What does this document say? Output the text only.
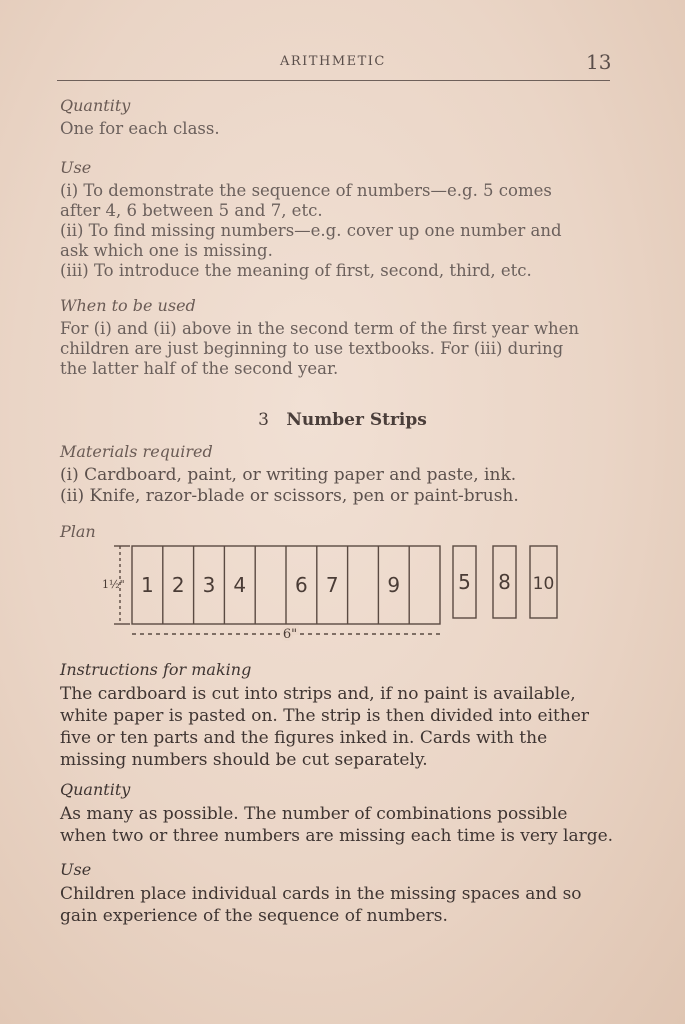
ARITHMETIC	13
Quantity
One for each class.
Use
(i) To demonstrate the sequence of numbers—e.g. 5 comes
after 4, 6 between 5 and 7, etc.
(ii) To find missing numbers—e.g. cover up one number and
ask which one is missing.
(iii) To introduce the meaning of first, second, third, etc.
When to be used
For (i) and (ii) above in the second term of the first year when
children are just beginning to use textbooks. For (iii) during
the latter half of the second year.
3 Number Strips
Materials required
(i) Cardboard, paint, or writing paper and paste, ink.
(ii) Knife, razor-blade or scissors, pen or paint-brush.
Plan
1 2 3 4 6 7 9	5 8 10
1½"
6"
Instructions for making
The cardboard is cut into strips and, if no paint is available,
white paper is pasted on. The strip is then divided into either
five or ten parts and the figures inked in. Cards with the
missing numbers should be cut separately.
Quantity
As many as possible. The number of combinations possible
when two or three numbers are missing each time is very large.
Use
Children place individual cards in the missing spaces and so
gain experience of the sequence of numbers.
